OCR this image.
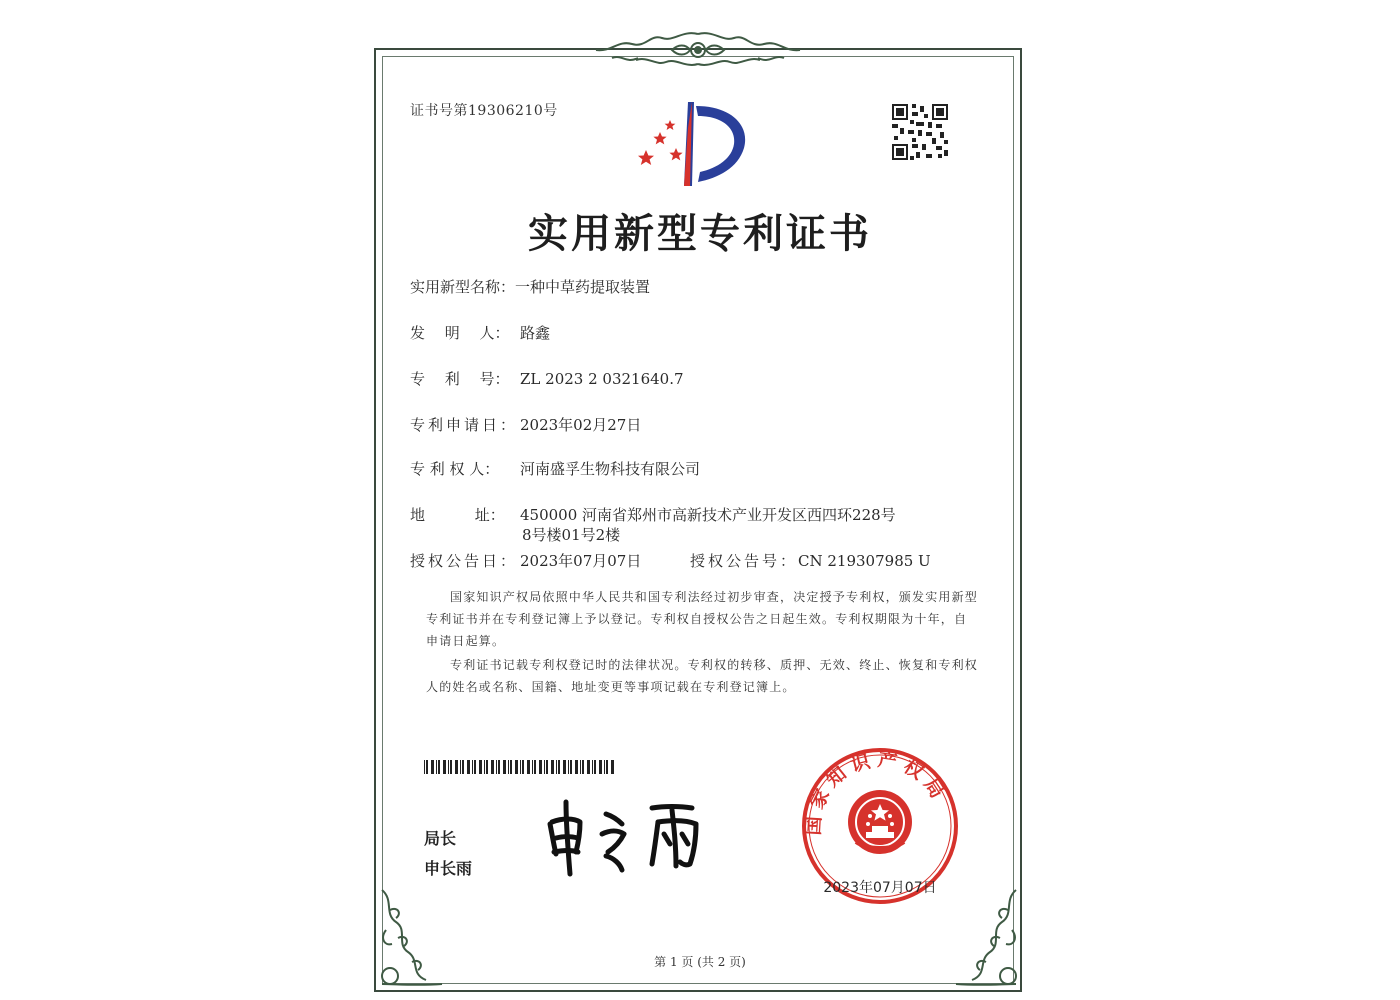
证书号第19306210号
实用新型专利证书
实用新型名称：一种中草药提取装置
发　 明　 人： 路鑫
专　 利　 号： ZL 2023 2 0321640.7
专利申请日： 2023年02月27日
专 利 权 人： 河南盛孚生物科技有限公司
地　　　 址： 450000 河南省郑州市高新技术产业开发区西四环228号
8号楼01号2楼
授权公告日： 2023年07月07日	授权公告号：CN 219307985 U
国家知识产权局依照中华人民共和国专利法经过初步审查，决定授予专利权，颁发实用新型专利证书并在专利登记簿上予以登记。专利权自授权公告之日起生效。专利权期限为十年，自申请日起算。
专利证书记载专利权登记时的法律状况。专利权的转移、质押、无效、终止、恢复和专利权人的姓名或名称、国籍、地址变更等事项记载在专利登记簿上。
局长
申长雨
国家知识产权局
2023年07月07日
第 1 页 (共 2 页)
